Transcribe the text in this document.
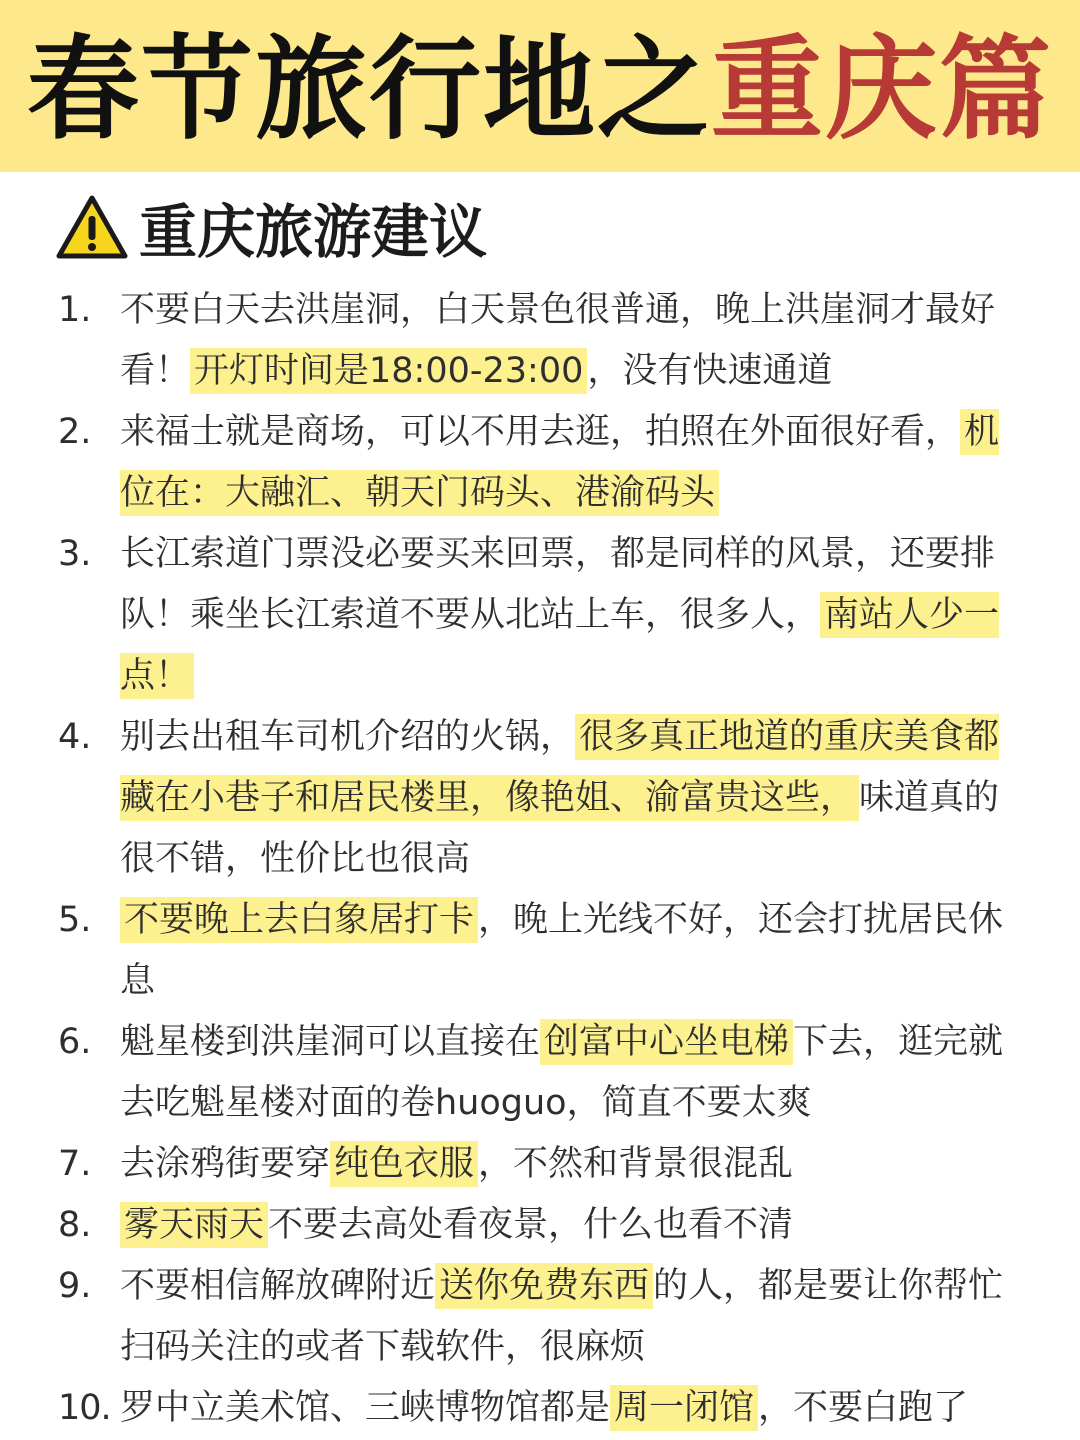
春节旅行地之重庆篇
重庆旅游建议
1. 不要白天去洪崖洞，白天景色很普通，晚上洪崖洞才最好看！ 开灯时间是18:00-23:00 ，没有快速通道
2. 来福士就是商场，可以不用去逛，拍照在外面很好看， 机位在：大融汇、朝天门码头、港渝码头
3. 长江索道门票没必要买来回票，都是同样的风景，还要排队！乘坐长江索道不要从北站上车，很多人， 南站人少一点！
4. 别去出租车司机介绍的火锅， 很多真正地道的重庆美食都藏在小巷子和居民楼里，像艳姐、渝富贵这些， 味道真的很不错，性价比也很高
5. 不要晚上去白象居打卡 ，晚上光线不好，还会打扰居民休息
6. 魁星楼到洪崖洞可以直接在 创富中心坐电梯 下去，逛完就去吃魁星楼对面的卷huoguo，简直不要太爽
7. 去涂鸦街要穿 纯色衣服 ，不然和背景很混乱
8. 雾天雨天 不要去高处看夜景，什么也看不清
9. 不要相信解放碑附近 送你免费东西 的人，都是要让你帮忙扫码关注的或者下载软件，很麻烦
10. 罗中立美术馆、三峡博物馆都是 周一闭馆 ，不要白跑了
